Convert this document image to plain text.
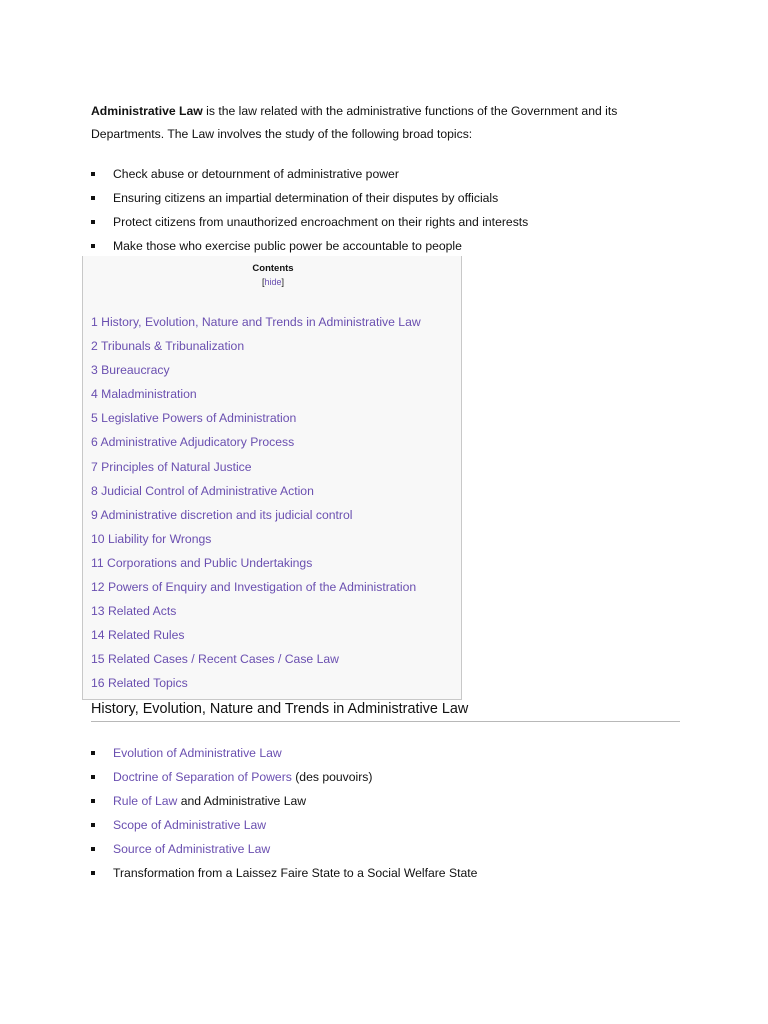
Administrative Law is the law related with the administrative functions of the Government and its Departments. The Law involves the study of the following broad topics:

Check abuse or detournment of administrative power
Ensuring citizens an impartial determination of their disputes by officials
Protect citizens from unauthorized encroachment on their rights and interests
Make those who exercise public power be accountable to people
Contents
[hide]
1 History, Evolution, Nature and Trends in Administrative Law
2 Tribunals & Tribunalization
3 Bureaucracy
4 Maladministration
5 Legislative Powers of Administration
6 Administrative Adjudicatory Process
7 Principles of Natural Justice
8 Judicial Control of Administrative Action
9 Administrative discretion and its judicial control
10 Liability for Wrongs
11 Corporations and Public Undertakings
12 Powers of Enquiry and Investigation of the Administration
13 Related Acts
14 Related Rules
15 Related Cases / Recent Cases / Case Law
16 Related Topics
History, Evolution, Nature and Trends in Administrative Law
Evolution of Administrative Law
Doctrine of Separation of Powers (des pouvoirs)
Rule of Law and Administrative Law
Scope of Administrative Law
Source of Administrative Law
Transformation from a Laissez Faire State to a Social Welfare State
